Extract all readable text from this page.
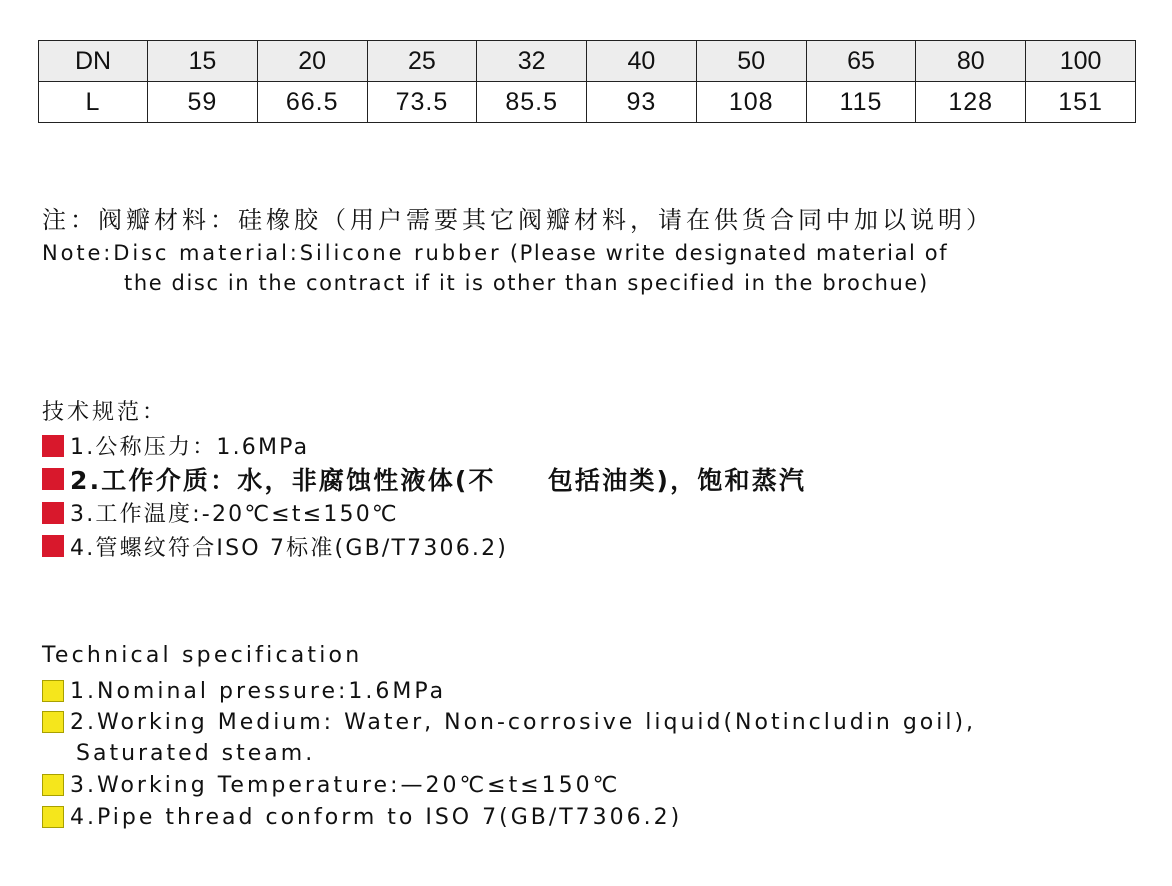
DN	15	20	25	32	40	50	65	80	100
L	59	66.5	73.5	85.5	93	108	115	128	151
注：阀瓣材料：硅橡胶（用户需要其它阀瓣材料，请在供货合同中加以说明）
Note:Disc material:Silicone rubber (Please write designated material of
the disc in the contract if it is other than specified in the brochue)
技术规范：
1.公称压力：1.6MPa
2.工作介质：水，非腐蚀性液体(不 包括油类)，饱和蒸汽
3.工作温度:-20℃≤t≤150℃
4.管螺纹符合ISO 7标准(GB/T7306.2)
Technical specification
1.Nominal pressure:1.6MPa
2.Working Medium: Water, Non-corrosive liquid(Notincludin goil),
Saturated steam.
3.Working Temperature:—20℃≤t≤150℃
4.Pipe thread conform to ISO 7(GB/T7306.2)
